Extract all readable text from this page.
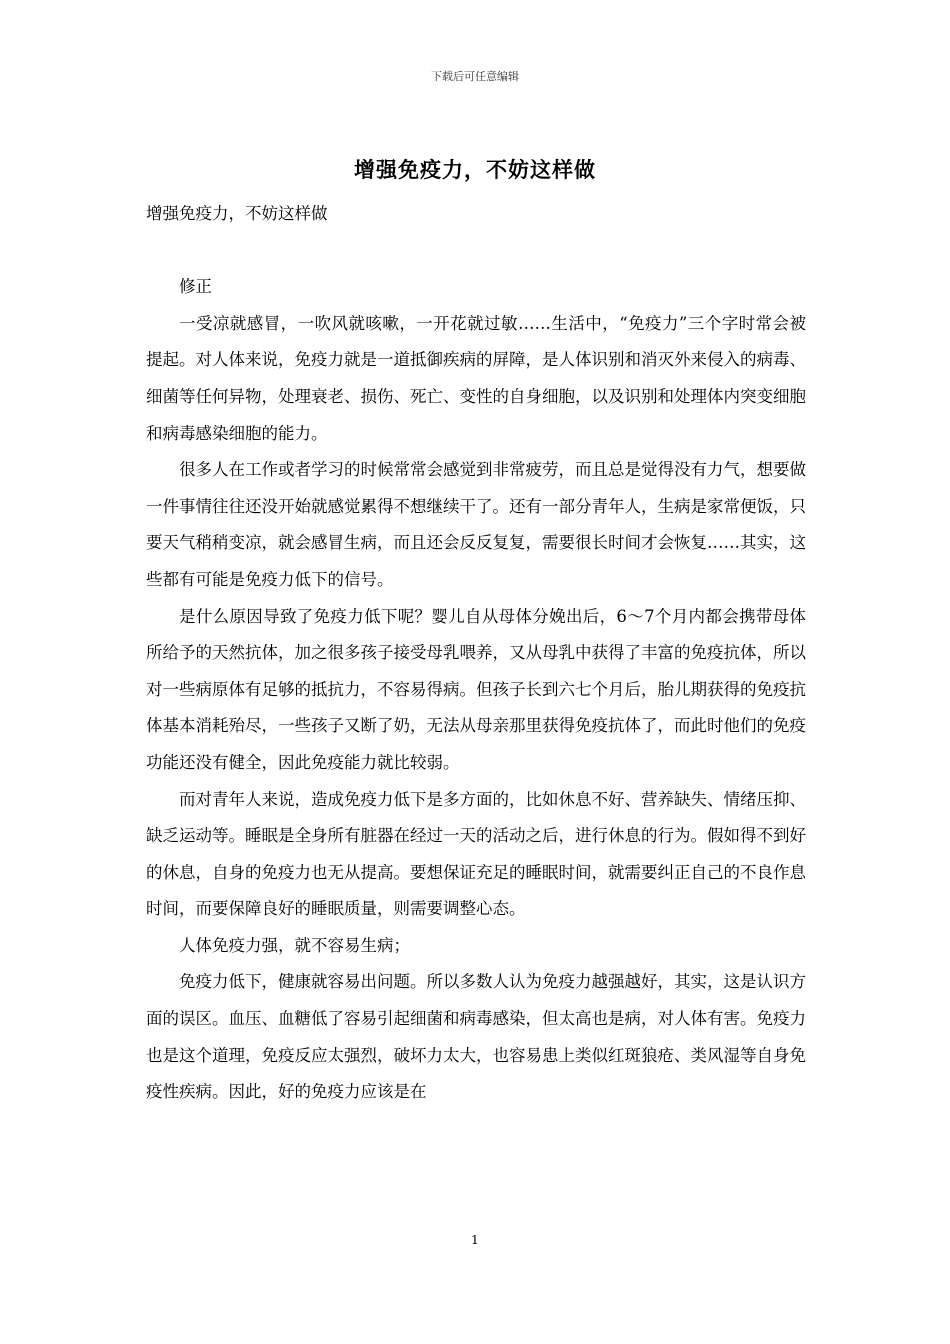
下载后可任意编辑
增强免疫力，不妨这样做

增强免疫力，不妨这样做

修正

一受凉就感冒，一吹风就咳嗽，一开花就过敏……生活中，“免疫力”三个字时常会被提起。对人体来说，免疫力就是一道抵御疾病的屏障，是人体识别和消灭外来侵入的病毒、细菌等任何异物，处理衰老、损伤、死亡、变性的自身细胞，以及识别和处理体内突变细胞和病毒感染细胞的能力。

很多人在工作或者学习的时候常常会感觉到非常疲劳，而且总是觉得没有力气，想要做一件事情往往还没开始就感觉累得不想继续干了。还有一部分青年人，生病是家常便饭，只要天气稍稍变凉，就会感冒生病，而且还会反反复复，需要很长时间才会恢复……其实，这些都有可能是免疫力低下的信号。

是什么原因导致了免疫力低下呢？婴儿自从母体分娩出后，6～7个月内都会携带母体所给予的天然抗体，加之很多孩子接受母乳喂养，又从母乳中获得了丰富的免疫抗体，所以对一些病原体有足够的抵抗力，不容易得病。但孩子长到六七个月后，胎儿期获得的免疫抗体基本消耗殆尽，一些孩子又断了奶，无法从母亲那里获得免疫抗体了，而此时他们的免疫功能还没有健全，因此免疫能力就比较弱。

而对青年人来说，造成免疫力低下是多方面的，比如休息不好、营养缺失、情绪压抑、缺乏运动等。睡眠是全身所有脏器在经过一天的活动之后，进行休息的行为。假如得不到好的休息，自身的免疫力也无从提高。要想保证充足的睡眠时间，就需要纠正自己的不良作息时间，而要保障良好的睡眠质量，则需要调整心态。

人体免疫力强，就不容易生病；

免疫力低下，健康就容易出问题。所以多数人认为免疫力越强越好，其实，这是认识方面的误区。血压、血糖低了容易引起细菌和病毒感染，但太高也是病，对人体有害。免疫力也是这个道理，免疫反应太强烈，破坏力太大，也容易患上类似红斑狼疮、类风湿等自身免疫性疾病。因此，好的免疫力应该是在

1
